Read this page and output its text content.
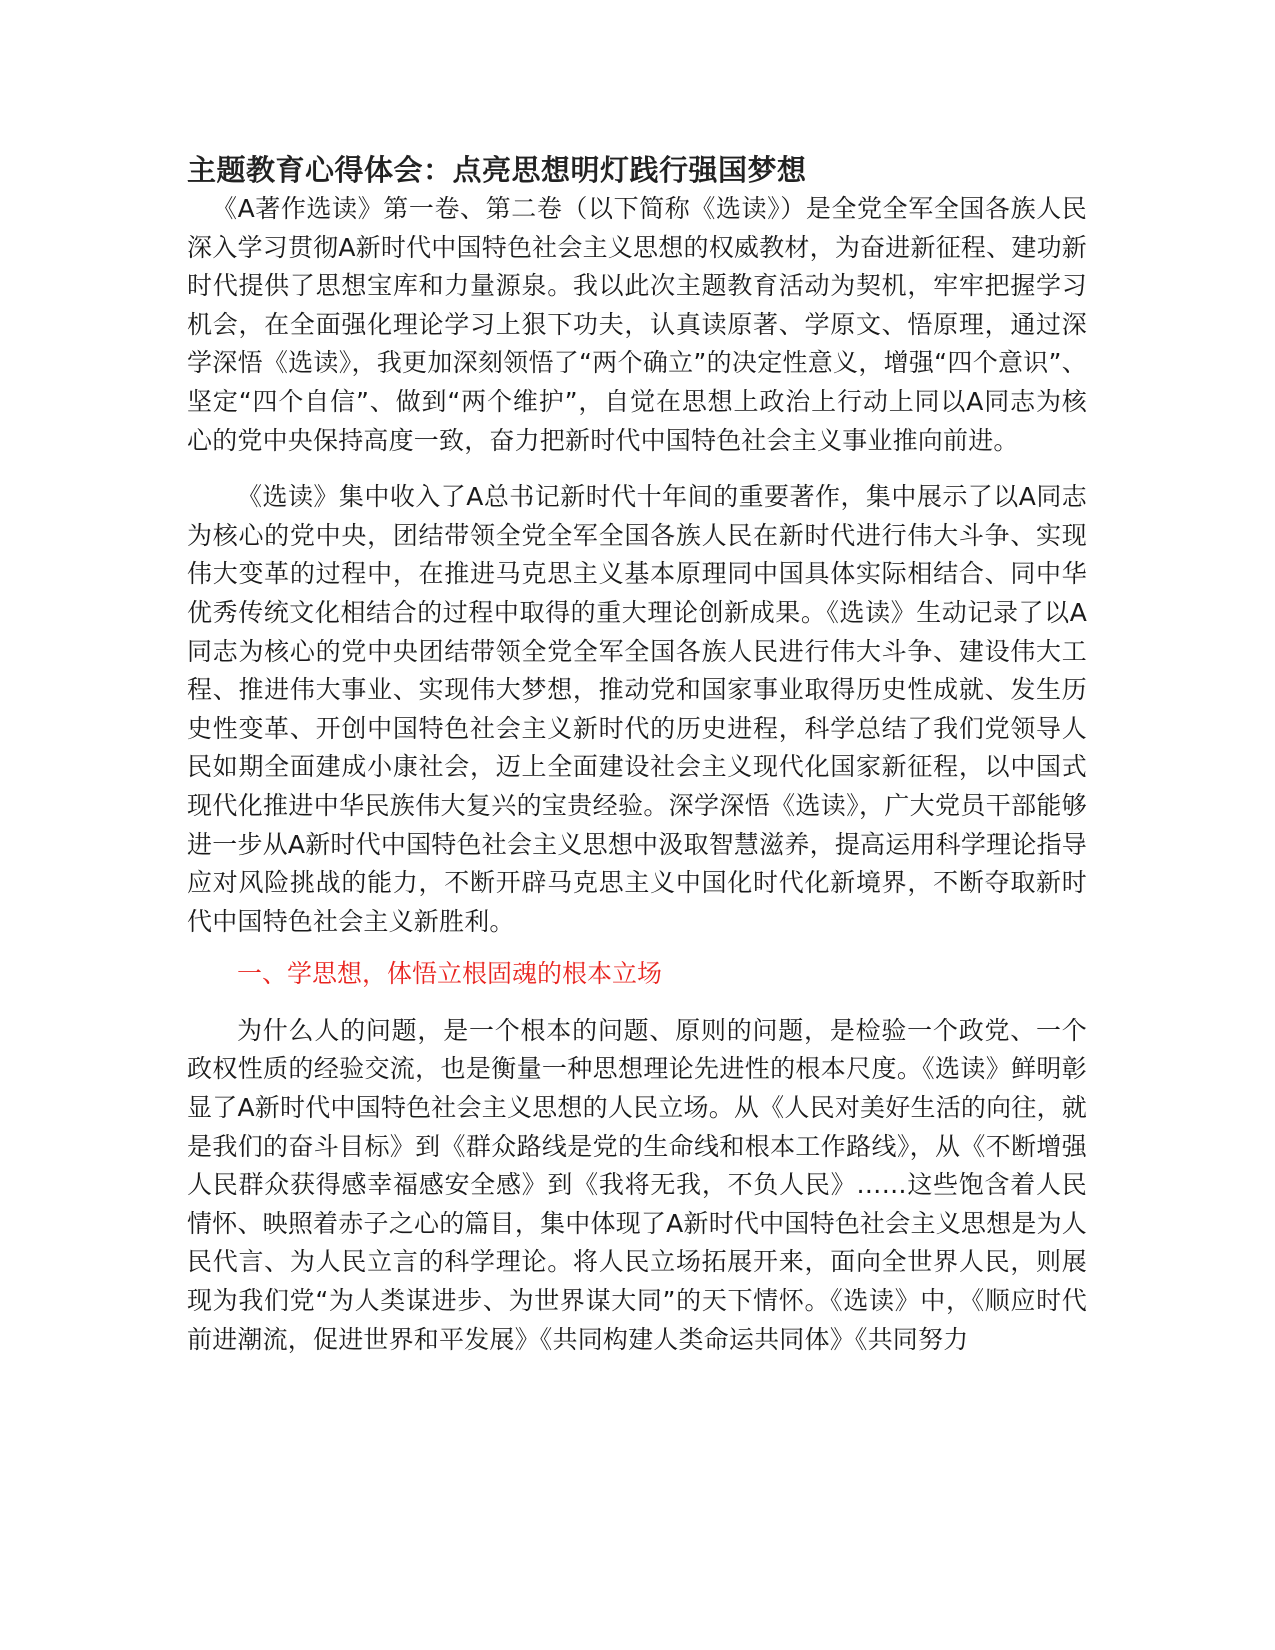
主题教育心得体会：点亮思想明灯践行强国梦想

《A著作选读》第一卷、第二卷（以下简称《选读》）是全党全军全国各族人民深入学习贯彻A新时代中国特色社会主义思想的权威教材，为奋进新征程、建功新时代提供了思想宝库和力量源泉。我以此次主题教育活动为契机，牢牢把握学习机会，在全面强化理论学习上狠下功夫，认真读原著、学原文、悟原理，通过深学深悟《选读》，我更加深刻领悟了“两个确立”的决定性意义，增强“四个意识”、坚定“四个自信”、做到“两个维护”，自觉在思想上政治上行动上同以A同志为核心的党中央保持高度一致，奋力把新时代中国特色社会主义事业推向前进。

《选读》集中收入了A总书记新时代十年间的重要著作，集中展示了以A同志为核心的党中央，团结带领全党全军全国各族人民在新时代进行伟大斗争、实现伟大变革的过程中，在推进马克思主义基本原理同中国具体实际相结合、同中华优秀传统文化相结合的过程中取得的重大理论创新成果。《选读》生动记录了以A同志为核心的党中央团结带领全党全军全国各族人民进行伟大斗争、建设伟大工程、推进伟大事业、实现伟大梦想，推动党和国家事业取得历史性成就、发生历史性变革、开创中国特色社会主义新时代的历史进程，科学总结了我们党领导人民如期全面建成小康社会，迈上全面建设社会主义现代化国家新征程，以中国式现代化推进中华民族伟大复兴的宝贵经验。深学深悟《选读》，广大党员干部能够进一步从A新时代中国特色社会主义思想中汲取智慧滋养，提高运用科学理论指导应对风险挑战的能力，不断开辟马克思主义中国化时代化新境界，不断夺取新时代中国特色社会主义新胜利。

一、学思想，体悟立根固魂的根本立场

为什么人的问题，是一个根本的问题、原则的问题，是检验一个政党、一个政权性质的经验交流，也是衡量一种思想理论先进性的根本尺度。《选读》鲜明彰显了A新时代中国特色社会主义思想的人民立场。从《人民对美好生活的向往，就是我们的奋斗目标》到《群众路线是党的生命线和根本工作路线》，从《不断增强人民群众获得感幸福感安全感》到《我将无我，不负人民》……这些饱含着人民情怀、映照着赤子之心的篇目，集中体现了A新时代中国特色社会主义思想是为人民代言、为人民立言的科学理论。将人民立场拓展开来，面向全世界人民，则展现为我们党“为人类谋进步、为世界谋大同”的天下情怀。《选读》中，《顺应时代前进潮流，促进世界和平发展》《共同构建人类命运共同体》《共同努力
